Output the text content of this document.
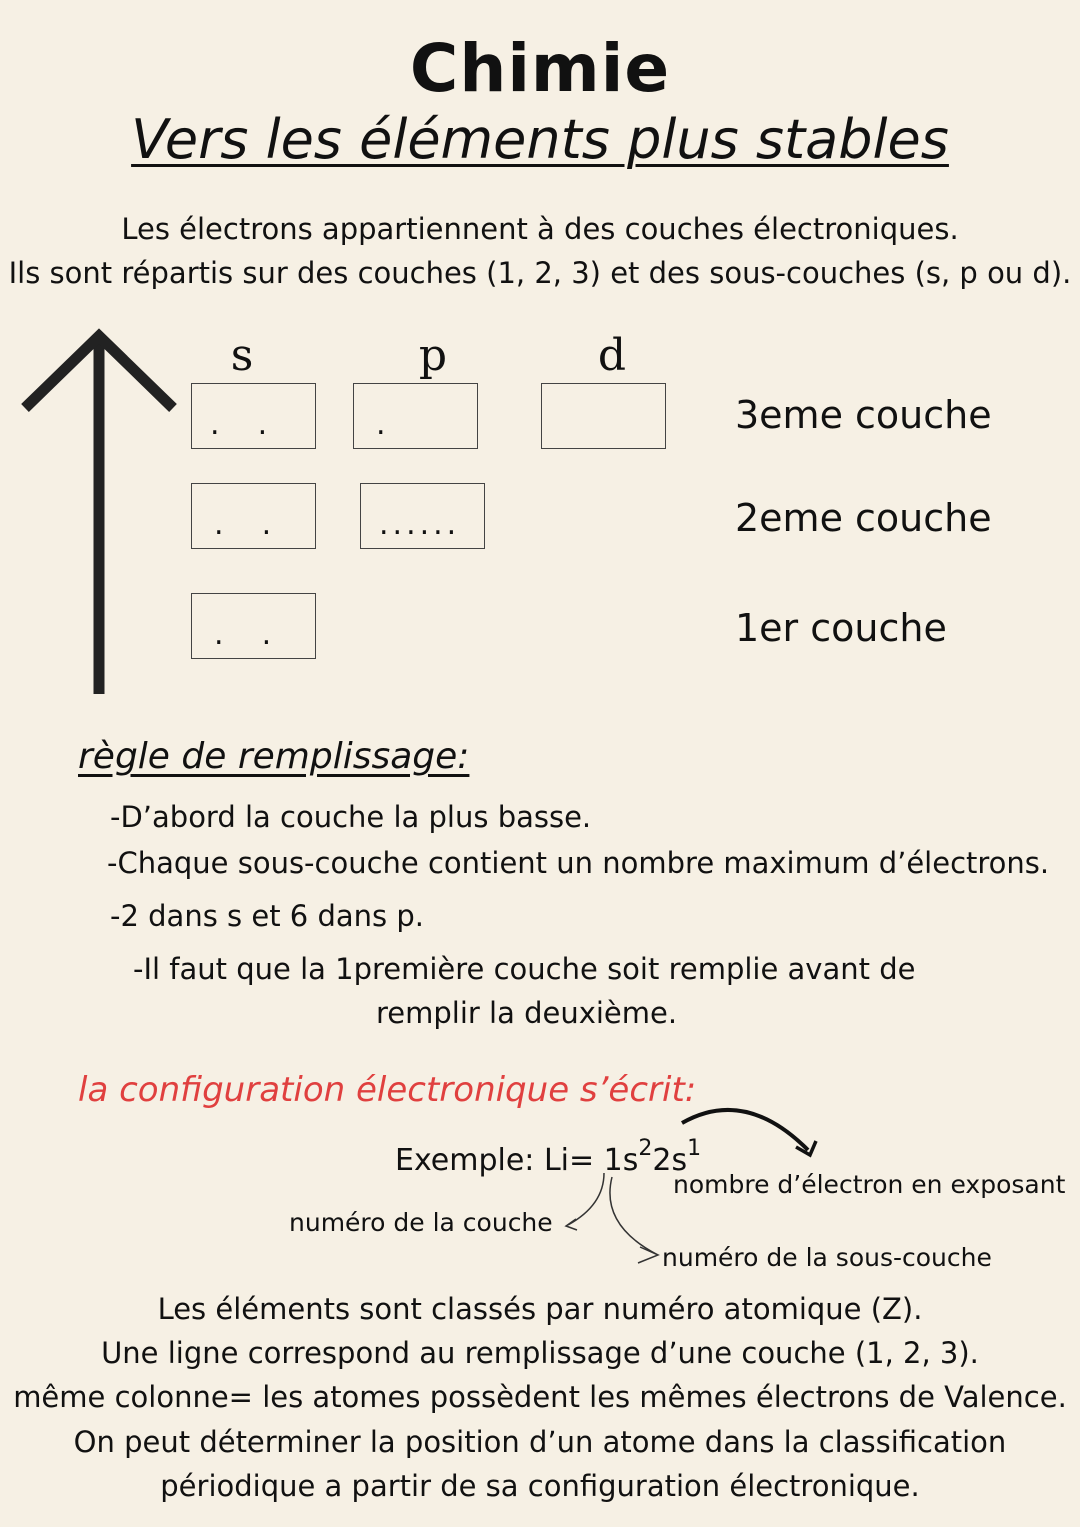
Chimie
Vers les éléments plus stables
Les électrons appartiennent à des couches électroniques.
Ils sont répartis sur des couches (1, 2, 3) et des sous-couches (s, p ou d).
s	p	d
.    .	.
.    .	......
.    .
3eme couche
2eme couche
1er couche
règle de remplissage:
-D’abord la couche la plus basse.
-Chaque sous-couche contient un nombre maximum d’électrons.
-2 dans s et 6 dans p.
-Il faut que la 1première couche soit remplie avant de
remplir la deuxième.
la configuration électronique s’écrit:
Exemple: $Li= 1s^22s^1$
nombre d’électron en exposant
numéro de la couche
numéro de la sous-couche
Les éléments sont classés par numéro atomique (Z).
Une ligne correspond au remplissage d’une couche (1, 2, 3).
même colonne= les atomes possèdent les mêmes électrons de Valence.
On peut déterminer la position d’un atome dans la classification
périodique a partir de sa configuration électronique.
